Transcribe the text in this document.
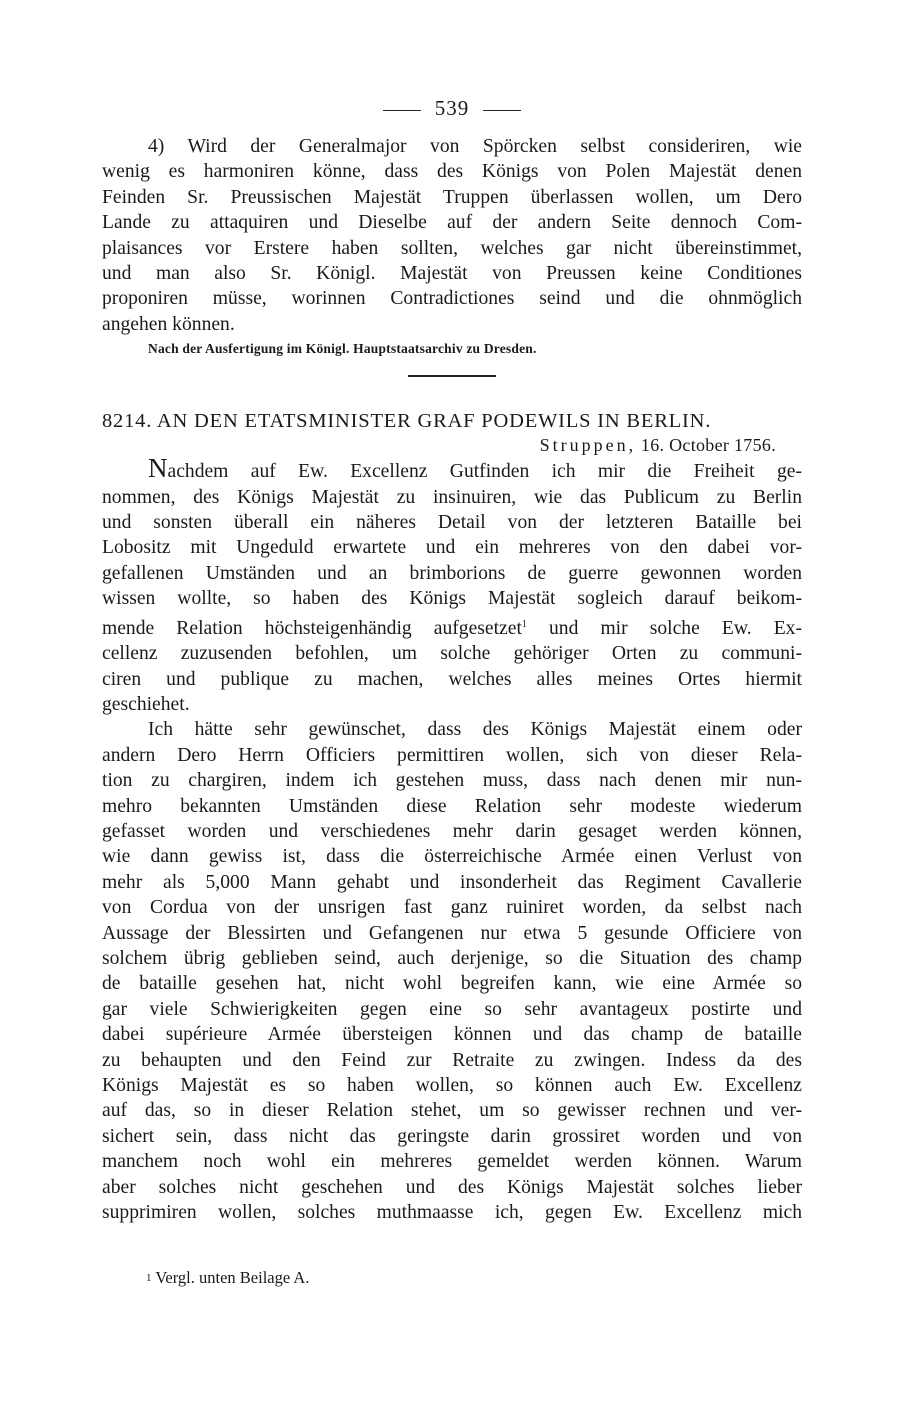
539
4) Wird der Generalmajor von Spörcken selbst consideriren, wie
wenig es harmoniren könne, dass des Königs von Polen Majestät denen
Feinden Sr. Preussischen Majestät Truppen überlassen wollen, um Dero
Lande zu attaquiren und Dieselbe auf der andern Seite dennoch Com-
plaisances vor Erstere haben sollten, welches gar nicht übereinstimmet,
und man also Sr. Königl. Majestät von Preussen keine Conditiones
proponiren müsse, worinnen Contradictiones seind und die ohnmöglich
angehen können.
Nach der Ausfertigung im Königl. Hauptstaatsarchiv zu Dresden.
8214. AN DEN ETATSMINISTER GRAF PODEWILS IN BERLIN.
Struppen, 16. October 1756.
Nachdem auf Ew. Excellenz Gutfinden ich mir die Freiheit ge-
nommen, des Königs Majestät zu insinuiren, wie das Publicum zu Berlin
und sonsten überall ein näheres Detail von der letzteren Bataille bei
Lobositz mit Ungeduld erwartete und ein mehreres von den dabei vor-
gefallenen Umständen und an brimborions de guerre gewonnen worden
wissen wollte, so haben des Königs Majestät sogleich darauf beikom-
mende Relation höchsteigenhändig aufgesetzet$^1$ und mir solche Ew. Ex-
cellenz zuzusenden befohlen, um solche gehöriger Orten zu communi-
ciren und publique zu machen, welches alles meines Ortes hiermit
geschiehet.
Ich hätte sehr gewünschet, dass des Königs Majestät einem oder
andern Dero Herrn Officiers permittiren wollen, sich von dieser Rela-
tion zu chargiren, indem ich gestehen muss, dass nach denen mir nun-
mehro bekannten Umständen diese Relation sehr modeste wiederum
gefasset worden und verschiedenes mehr darin gesaget werden können,
wie dann gewiss ist, dass die österreichische Armée einen Verlust von
mehr als 5,000 Mann gehabt und insonderheit das Regiment Cavallerie
von Cordua von der unsrigen fast ganz ruiniret worden, da selbst nach
Aussage der Blessirten und Gefangenen nur etwa 5 gesunde Officiere von
solchem übrig geblieben seind, auch derjenige, so die Situation des champ
de bataille gesehen hat, nicht wohl begreifen kann, wie eine Armée so
gar viele Schwierigkeiten gegen eine so sehr avantageux postirte und
dabei supérieure Armée übersteigen können und das champ de bataille
zu behaupten und den Feind zur Retraite zu zwingen. Indess da des
Königs Majestät es so haben wollen, so können auch Ew. Excellenz
auf das, so in dieser Relation stehet, um so gewisser rechnen und ver-
sichert sein, dass nicht das geringste darin grossiret worden und von
manchem noch wohl ein mehreres gemeldet werden können. Warum
aber solches nicht geschehen und des Königs Majestät solches lieber
supprimiren wollen, solches muthmaasse ich, gegen Ew. Excellenz mich
1 Vergl. unten Beilage A.
